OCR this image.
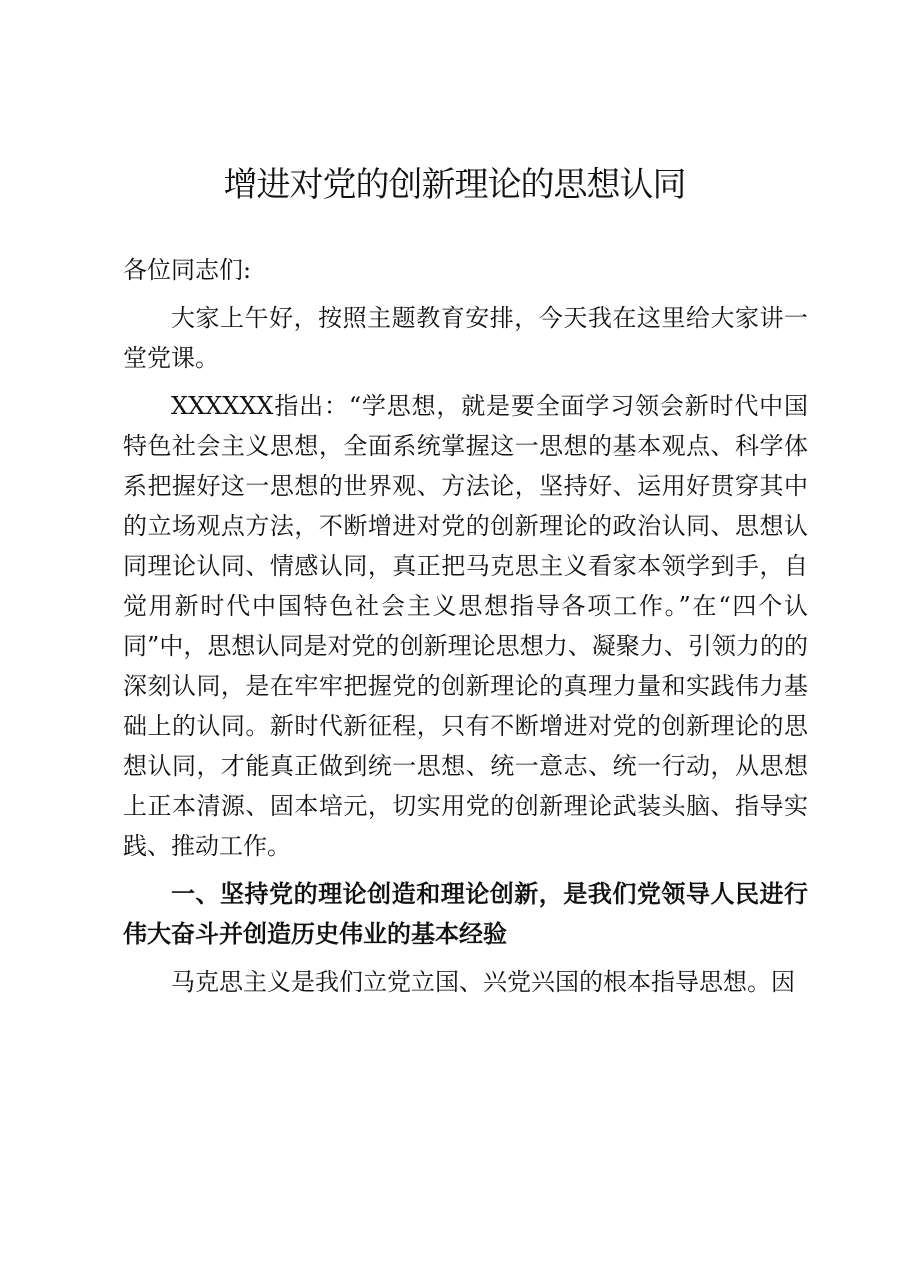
增进对党的创新理论的思想认同

各位同志们:

大家上午好，按照主题教育安排，今天我在这里给大家讲一堂党课。

XXXXXX指出：“学思想，就是要全面学习领会新时代中国特色社会主义思想，全面系统掌握这一思想的基本观点、科学体系把握好这一思想的世界观、方法论，坚持好、运用好贯穿其中的立场观点方法，不断增进对党的创新理论的政治认同、思想认同理论认同、情感认同，真正把马克思主义看家本领学到手，自觉用新时代中国特色社会主义思想指导各项工作。”在“四个认同”中，思想认同是对党的创新理论思想力、凝聚力、引领力的的深刻认同，是在牢牢把握党的创新理论的真理力量和实践伟力基础上的认同。新时代新征程，只有不断增进对党的创新理论的思想认同，才能真正做到统一思想、统一意志、统一行动，从思想上正本清源、固本培元，切实用党的创新理论武装头脑、指导实践、推动工作。

一、坚持党的理论创造和理论创新，是我们党领导人民进行伟大奋斗并创造历史伟业的基本经验

马克思主义是我们立党立国、兴党兴国的根本指导思想。因
